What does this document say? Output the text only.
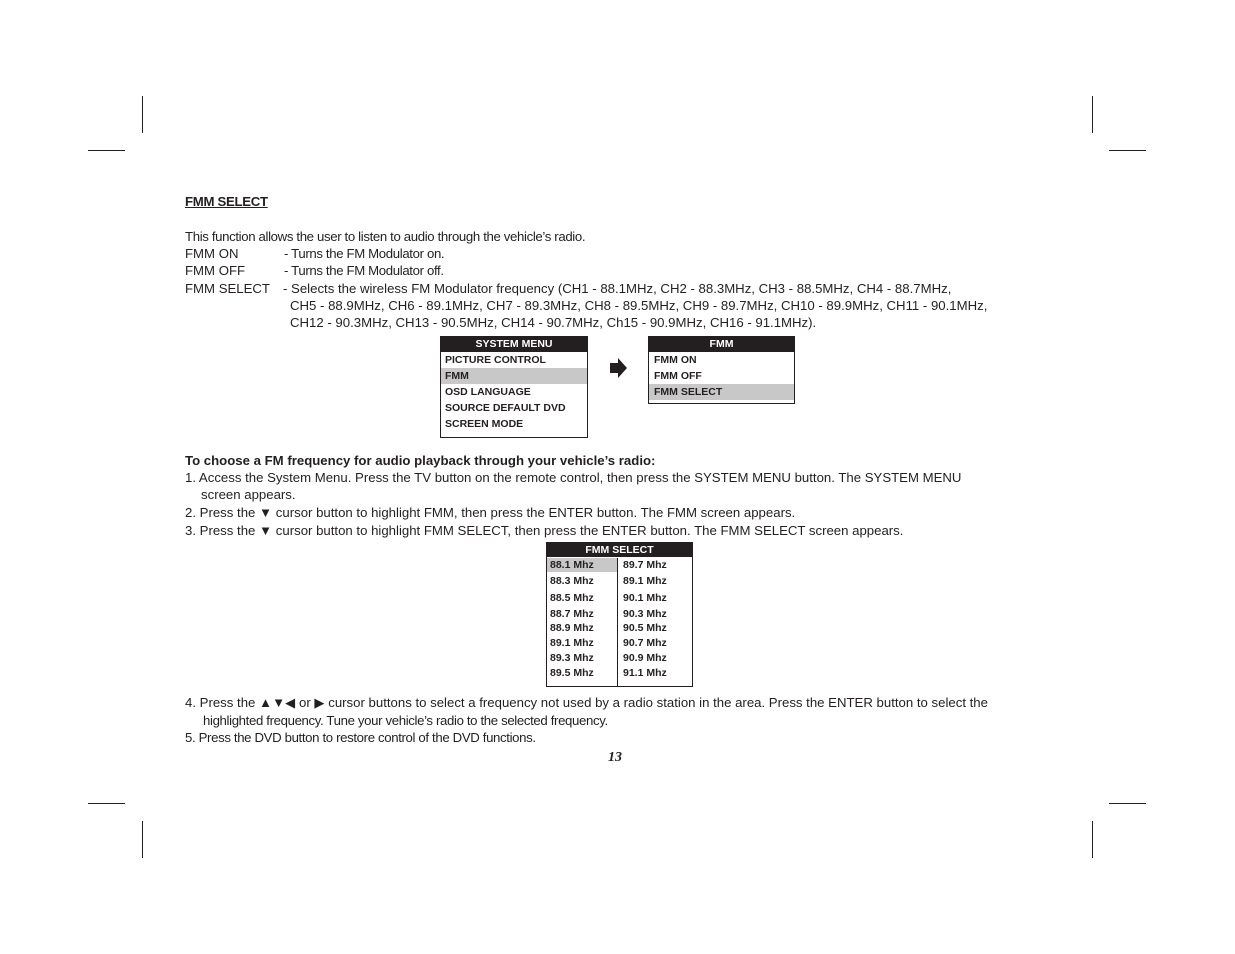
FMM SELECT
This function allows the user to listen to audio through the vehicle’s radio.
FMM ON	- Turns the FM Modulator on.
FMM OFF	- Turns the FM Modulator off.
FMM SELECT - Selects the wireless FM Modulator frequency (CH1 - 88.1MHz, CH2 - 88.3MHz, CH3 - 88.5MHz, CH4 - 88.7MHz,
CH5 - 88.9MHz, CH6 - 89.1MHz, CH7 - 89.3MHz, CH8 - 89.5MHz, CH9 - 89.7MHz, CH10 - 89.9MHz, CH11 - 90.1MHz,
CH12 - 90.3MHz, CH13 - 90.5MHz, CH14 - 90.7MHz, Ch15 - 90.9MHz, CH16 - 91.1MHz).
SYSTEM MENU
PICTURE CONTROL
FMM
OSD LANGUAGE
SOURCE DEFAULT DVD
SCREEN MODE
FMM
FMM ON
FMM OFF
FMM SELECT
To choose a FM frequency for audio playback through your vehicle’s radio:
1. Access the System Menu. Press the TV button on the remote control, then press the SYSTEM MENU button. The SYSTEM MENU
screen appears.
2. Press the ▼ cursor button to highlight FMM, then press the ENTER button. The FMM screen appears.
3. Press the ▼ cursor button to highlight FMM SELECT, then press the ENTER button. The FMM SELECT screen appears.
FMM SELECT
88.1 Mhz
88.3 Mhz
88.5 Mhz
88.7 Mhz
88.9 Mhz
89.1 Mhz
89.3 Mhz
89.5 Mhz
89.7 Mhz
89.1 Mhz
90.1 Mhz
90.3 Mhz
90.5 Mhz
90.7 Mhz
90.9 Mhz
91.1 Mhz
4. Press the ▲▼◀ or ▶ cursor buttons to select a frequency not used by a radio station in the area. Press the ENTER button to select the
highlighted frequency. Tune your vehicle’s radio to the selected frequency.
5. Press the DVD button to restore control of the DVD functions.
13
